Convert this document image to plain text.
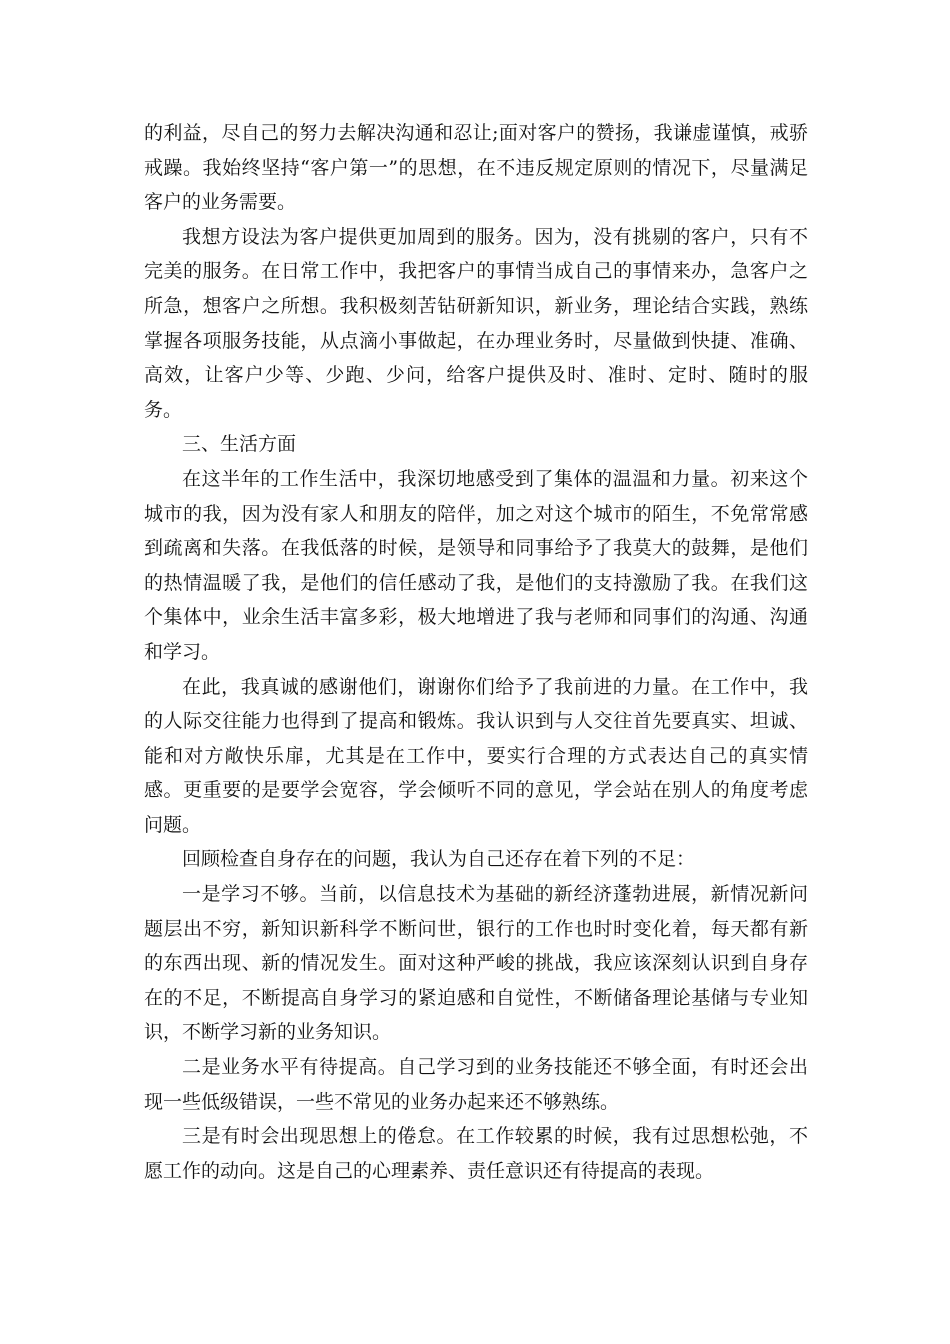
的利益，尽自己的努力去解决沟通和忍让;面对客户的赞扬，我谦虚谨慎，戒骄戒躁。我始终坚持“客户第一”的思想，在不违反规定原则的情况下，尽量满足客户的业务需要。

我想方设法为客户提供更加周到的服务。因为，没有挑剔的客户，只有不完美的服务。在日常工作中，我把客户的事情当成自己的事情来办，急客户之所急，想客户之所想。我积极刻苦钻研新知识，新业务，理论结合实践，熟练掌握各项服务技能，从点滴小事做起，在办理业务时，尽量做到快捷、准确、高效，让客户少等、少跑、少问，给客户提供及时、准时、定时、随时的服务。

三、生活方面

在这半年的工作生活中，我深切地感受到了集体的温温和力量。初来这个城市的我，因为没有家人和朋友的陪伴，加之对这个城市的陌生，不免常常感到疏离和失落。在我低落的时候，是领导和同事给予了我莫大的鼓舞，是他们的热情温暖了我，是他们的信任感动了我，是他们的支持激励了我。在我们这个集体中，业余生活丰富多彩，极大地增进了我与老师和同事们的沟通、沟通和学习。

在此，我真诚的感谢他们，谢谢你们给予了我前进的力量。在工作中，我的人际交往能力也得到了提高和锻炼。我认识到与人交往首先要真实、坦诚、能和对方敞快乐扉，尤其是在工作中，要实行合理的方式表达自己的真实情感。更重要的是要学会宽容，学会倾听不同的意见，学会站在别人的角度考虑问题。

回顾检查自身存在的问题，我认为自己还存在着下列的不足：

一是学习不够。当前，以信息技术为基础的新经济蓬勃进展，新情况新问题层出不穷，新知识新科学不断问世，银行的工作也时时变化着，每天都有新的东西出现、新的情况发生。面对这种严峻的挑战，我应该深刻认识到自身存在的不足，不断提高自身学习的紧迫感和自觉性，不断储备理论基储与专业知识，不断学习新的业务知识。

二是业务水平有待提高。自己学习到的业务技能还不够全面，有时还会出现一些低级错误，一些不常见的业务办起来还不够熟练。

三是有时会出现思想上的倦怠。在工作较累的时候，我有过思想松弛，不愿工作的动向。这是自己的心理素养、责任意识还有待提高的表现。
